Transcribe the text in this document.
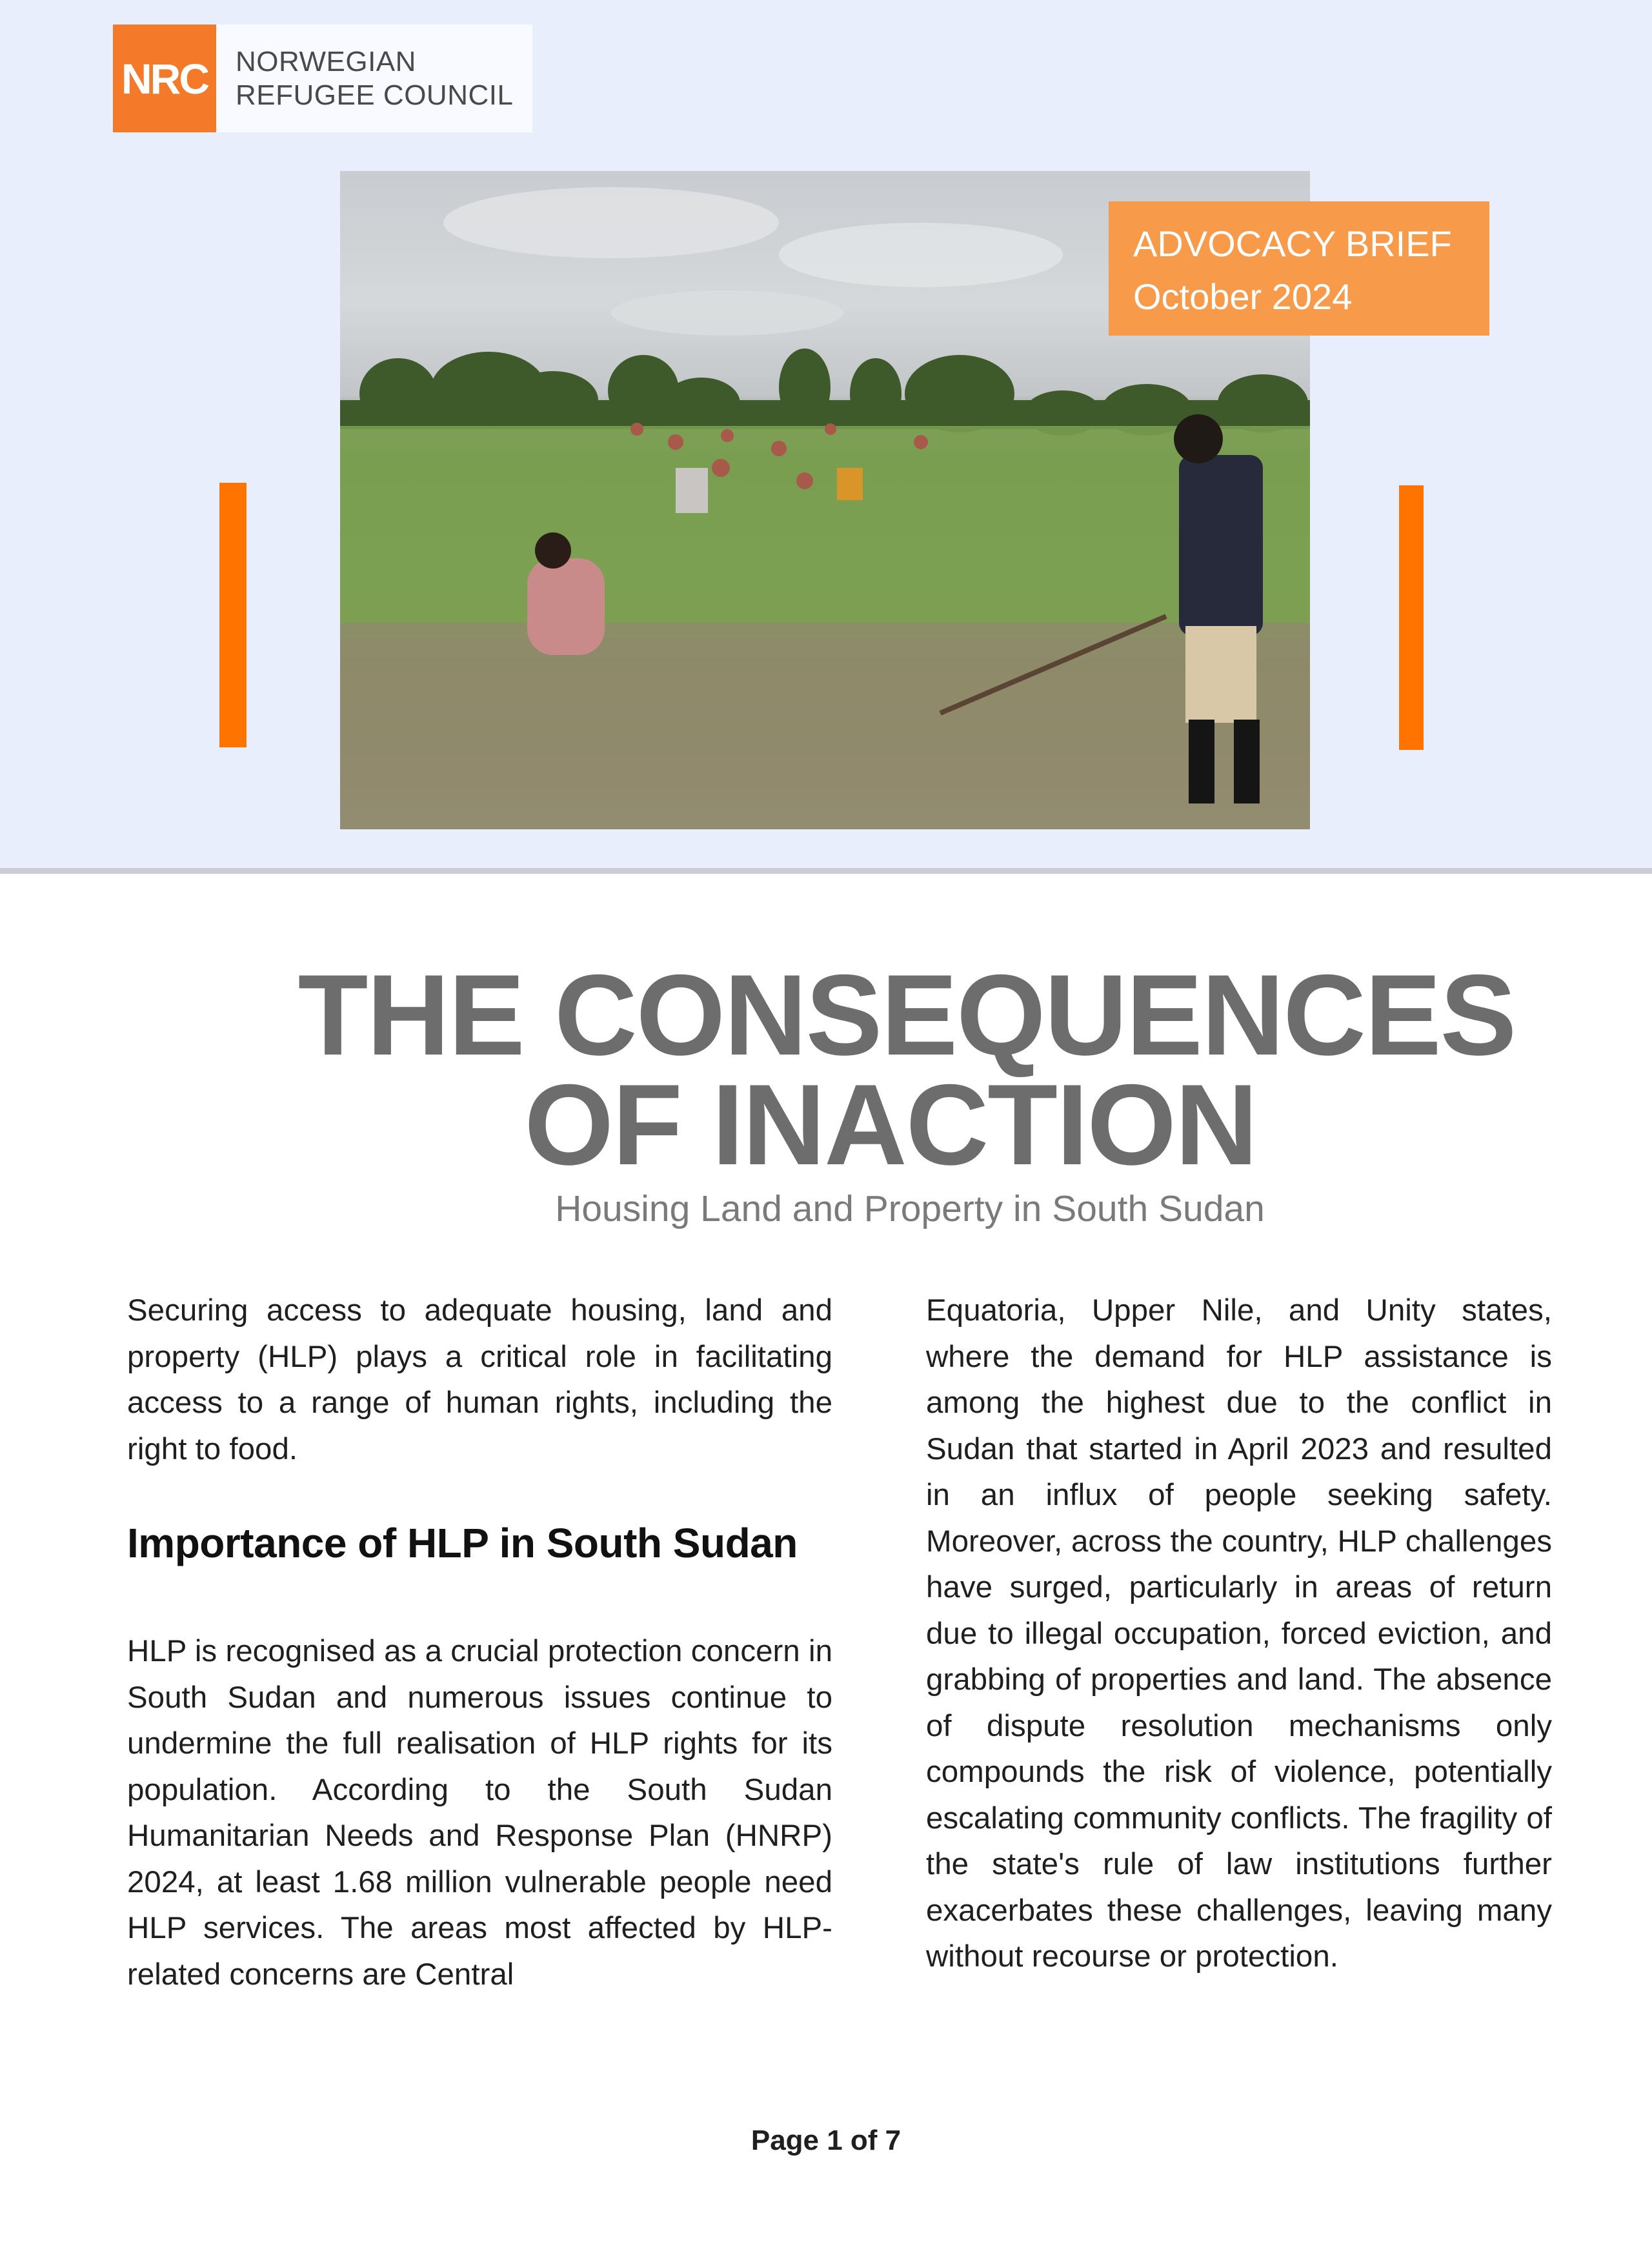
NRC NORWEGIAN
REFUGEE COUNCIL
ADVOCACY BRIEF
October 2024
THE CONSEQUENCES
OF INACTION
Housing Land and Property in South Sudan

Securing access to adequate housing, land and property (HLP) plays a critical role in facilitating access to a range of human rights, including the right to food.

Importance of HLP in South Sudan

HLP is recognised as a crucial protection concern in South Sudan and numerous issues continue to undermine the full realisation of HLP rights for its population. According to the South Sudan Humanitarian Needs and Response Plan (HNRP) 2024, at least 1.68 million vulnerable people need HLP services. The areas most affected by HLP-related concerns are Central

Equatoria, Upper Nile, and Unity states, where the demand for HLP assistance is among the highest due to the conflict in Sudan that started in April 2023 and resulted in an influx of people seeking safety. Moreover, across the country, HLP challenges have surged, particularly in areas of return due to illegal occupation, forced eviction, and grabbing of properties and land. The absence of dispute resolution mechanisms only compounds the risk of violence, potentially escalating community conflicts. The fragility of the state's rule of law institutions further exacerbates these challenges, leaving many without recourse or protection.

Page 1 of 7
